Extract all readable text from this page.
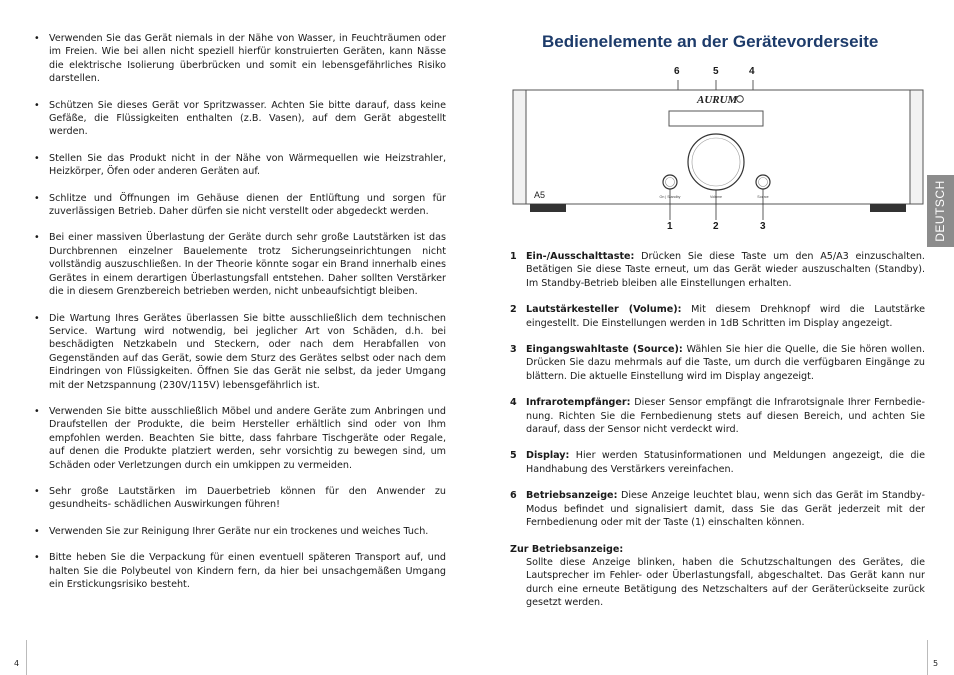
• Verwenden Sie das Gerät niemals in der Nähe von Wasser, in Feuchträumen oder im Freien. Wie bei allen nicht speziell hierfür konstruierten Geräten, kann Nässe die elektrische Isolierung überbrücken und somit ein lebensgefährliches Risiko darstellen.

• Schützen Sie dieses Gerät vor Spritzwasser. Achten Sie bitte darauf, dass keine Gefäße, die Flüssigkeiten enthalten (z.B. Vasen), auf dem Gerät abgestellt werden.

• Stellen Sie das Produkt nicht in der Nähe von Wärmequellen wie Heizstrahler, Heizkörper, Öfen oder anderen Geräten auf.

• Schlitze und Öffnungen im Gehäuse dienen der Entlüftung und sorgen für zuverlässigen Betrieb. Daher dürfen sie nicht verstellt oder abgedeckt werden.

• Bei einer massiven Überlastung der Geräte durch sehr große Lautstärken ist das Durchbrennen einzelner Bauelemente trotz Sicherungseinrichtungen nicht vollständig auszuschließen. In der Theorie könnte sogar ein Brand innerhalb eines Gerätes in einem derartigen Überlastungsfall entstehen. Daher sollten Verstärker die in diesem Grenzbereich betrieben werden, nicht unbeaufsichtigt bleiben.

• Die Wartung Ihres Gerätes überlassen Sie bitte ausschließlich dem technischen Service. Wartung wird notwendig, bei jeglicher Art von Schäden, d.h. bei beschädigten Netzkabeln und Steckern, oder nach dem Herabfallen von Gegenständen auf das Gerät, sowie dem Sturz des Gerätes selbst oder nach dem Eindringen von Flüssigkeiten. Öffnen Sie das Gerät nie selbst, da jeder Umgang mit der Netzspannung (230V/115V) lebensgefährlich ist.

• Verwenden Sie bitte ausschließlich Möbel und andere Geräte zum Anbringen und Draufstellen der Produkte, die beim Hersteller erhältlich sind oder von Ihm empfohlen werden. Beachten Sie bitte, dass fahrbare Tischgeräte oder Regale, auf denen die Produkte platziert werden, sehr vorsichtig zu bewegen sind, um Schäden oder Verletzungen durch ein umkippen zu vermeiden.

• Sehr große Lautstärken im Dauerbetrieb können für den Anwender zu gesundheits- schädlichen Auswirkungen führen!

• Verwenden Sie zur Reinigung Ihrer Geräte nur ein trockenes und weiches Tuch.

• Bitte heben Sie die Verpackung für einen eventuell späteren Transport auf, und halten Sie die Polybeutel von Kindern fern, da hier bei unsachgemäßen Umgang ein Erstickungsrisiko besteht.

4
Bedienelemente an der Gerätevorderseite
6	5	4
AURUM
A5	On | Standby	Volume	Source
1	2	3	DEUTSCH

1 Ein-/Ausschalttaste: Drücken Sie diese Taste um den A5/A3 einzuschalten. Betätigen Sie diese Taste erneut, um das Gerät wieder auszuschalten (Standby). Im Standby-Betrieb bleiben alle Einstellungen erhalten.

2 Lautstärkesteller (Volume): Mit diesem Drehknopf wird die Lautstärke eingestellt. Die Einstellungen werden in 1dB Schritten im Display angezeigt.

3 Eingangswahltaste (Source): Wählen Sie hier die Quelle, die Sie hören wollen. Drücken Sie dazu mehrmals auf die Taste, um durch die verfügbaren Eingänge zu blättern. Die aktuelle Einstellung wird im Display angezeigt.

4 Infrarotempfänger: Dieser Sensor empfängt die Infrarotsignale Ihrer Fernbedie- nung. Richten Sie die Fernbedienung stets auf diesen Bereich, und achten Sie darauf, dass der Sensor nicht verdeckt wird.

5 Display: Hier werden Statusinformationen und Meldungen angezeigt, die die Handhabung des Verstärkers vereinfachen.

6 Betriebsanzeige: Diese Anzeige leuchtet blau, wenn sich das Gerät im Standby- Modus befindet und signalisiert damit, dass Sie das Gerät jederzeit mit der Fernbedienung oder mit der Taste (1) einschalten können.

Zur Betriebsanzeige:

Sollte diese Anzeige blinken, haben die Schutzschaltungen des Gerätes, die Lautsprecher im Fehler- oder Überlastungsfall, abgeschaltet. Das Gerät kann nur durch eine erneute Betätigung des Netzschalters auf der Geräterückseite zurück gesetzt werden.

5
